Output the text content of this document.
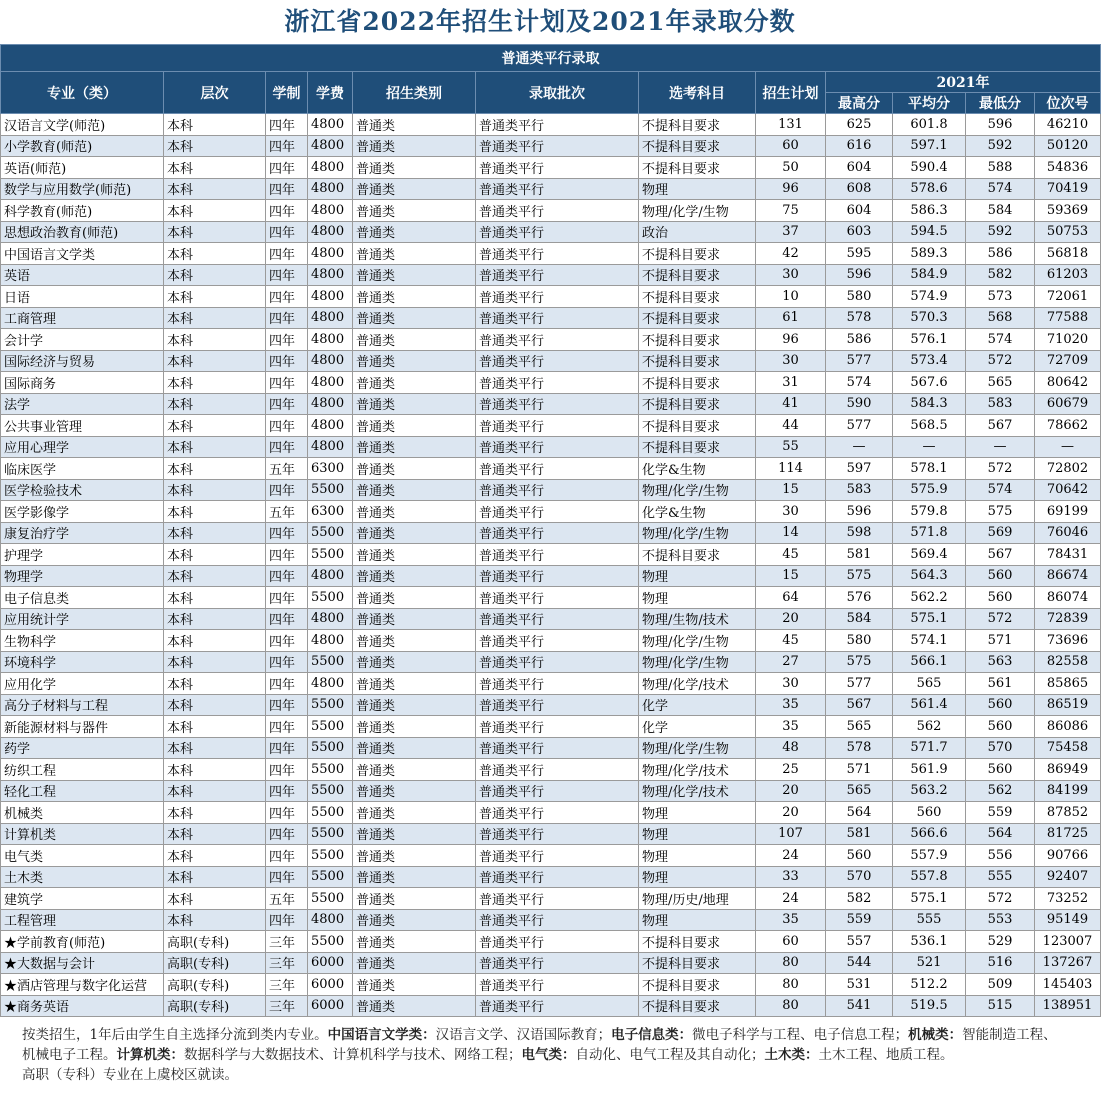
浙江省2022年招生计划及2021年录取分数
普通类平行录取											
专业（类）	层次	学制	学费	招生类别	录取批次	选考科目	招生计划	2021年			
								最高分	平均分	最低分	位次号
汉语言文学(师范)	本科	四年	4800	普通类	普通类平行	不提科目要求	131	625	601.8	596	46210
小学教育(师范)	本科	四年	4800	普通类	普通类平行	不提科目要求	60	616	597.1	592	50120
英语(师范)	本科	四年	4800	普通类	普通类平行	不提科目要求	50	604	590.4	588	54836
数学与应用数学(师范)	本科	四年	4800	普通类	普通类平行	物理	96	608	578.6	574	70419
科学教育(师范)	本科	四年	4800	普通类	普通类平行	物理/化学/生物	75	604	586.3	584	59369
思想政治教育(师范)	本科	四年	4800	普通类	普通类平行	政治	37	603	594.5	592	50753
中国语言文学类	本科	四年	4800	普通类	普通类平行	不提科目要求	42	595	589.3	586	56818
英语	本科	四年	4800	普通类	普通类平行	不提科目要求	30	596	584.9	582	61203
日语	本科	四年	4800	普通类	普通类平行	不提科目要求	10	580	574.9	573	72061
工商管理	本科	四年	4800	普通类	普通类平行	不提科目要求	61	578	570.3	568	77588
会计学	本科	四年	4800	普通类	普通类平行	不提科目要求	96	586	576.1	574	71020
国际经济与贸易	本科	四年	4800	普通类	普通类平行	不提科目要求	30	577	573.4	572	72709
国际商务	本科	四年	4800	普通类	普通类平行	不提科目要求	31	574	567.6	565	80642
法学	本科	四年	4800	普通类	普通类平行	不提科目要求	41	590	584.3	583	60679
公共事业管理	本科	四年	4800	普通类	普通类平行	不提科目要求	44	577	568.5	567	78662
应用心理学	本科	四年	4800	普通类	普通类平行	不提科目要求	55	—	—	—	—
临床医学	本科	五年	6300	普通类	普通类平行	化学&生物	114	597	578.1	572	72802
医学检验技术	本科	四年	5500	普通类	普通类平行	物理/化学/生物	15	583	575.9	574	70642
医学影像学	本科	五年	6300	普通类	普通类平行	化学&生物	30	596	579.8	575	69199
康复治疗学	本科	四年	5500	普通类	普通类平行	物理/化学/生物	14	598	571.8	569	76046
护理学	本科	四年	5500	普通类	普通类平行	不提科目要求	45	581	569.4	567	78431
物理学	本科	四年	4800	普通类	普通类平行	物理	15	575	564.3	560	86674
电子信息类	本科	四年	5500	普通类	普通类平行	物理	64	576	562.2	560	86074
应用统计学	本科	四年	4800	普通类	普通类平行	物理/生物/技术	20	584	575.1	572	72839
生物科学	本科	四年	4800	普通类	普通类平行	物理/化学/生物	45	580	574.1	571	73696
环境科学	本科	四年	5500	普通类	普通类平行	物理/化学/生物	27	575	566.1	563	82558
应用化学	本科	四年	4800	普通类	普通类平行	物理/化学/技术	30	577	565	561	85865
高分子材料与工程	本科	四年	5500	普通类	普通类平行	化学	35	567	561.4	560	86519
新能源材料与器件	本科	四年	5500	普通类	普通类平行	化学	35	565	562	560	86086
药学	本科	四年	5500	普通类	普通类平行	物理/化学/生物	48	578	571.7	570	75458
纺织工程	本科	四年	5500	普通类	普通类平行	物理/化学/技术	25	571	561.9	560	86949
轻化工程	本科	四年	5500	普通类	普通类平行	物理/化学/技术	20	565	563.2	562	84199
机械类	本科	四年	5500	普通类	普通类平行	物理	20	564	560	559	87852
计算机类	本科	四年	5500	普通类	普通类平行	物理	107	581	566.6	564	81725
电气类	本科	四年	5500	普通类	普通类平行	物理	24	560	557.9	556	90766
土木类	本科	四年	5500	普通类	普通类平行	物理	33	570	557.8	555	92407
建筑学	本科	五年	5500	普通类	普通类平行	物理/历史/地理	24	582	575.1	572	73252
工程管理	本科	四年	4800	普通类	普通类平行	物理	35	559	555	553	95149
★学前教育(师范)	高职(专科)	三年	5500	普通类	普通类平行	不提科目要求	60	557	536.1	529	123007
★大数据与会计	高职(专科)	三年	6000	普通类	普通类平行	不提科目要求	80	544	521	516	137267
★酒店管理与数字化运营	高职(专科)	三年	6000	普通类	普通类平行	不提科目要求	80	531	512.2	509	145403
★商务英语	高职(专科)	三年	6000	普通类	普通类平行	不提科目要求	80	541	519.5	515	138951
按类招生，1年后由学生自主选择分流到类内专业。中国语言文学类：汉语言文学、汉语国际教育；电子信息类：微电子科学与工程、电子信息工程；机械类：智能制造工程、机械电子工程。计算机类：数据科学与大数据技术、计算机科学与技术、网络工程；电气类：自动化、电气工程及其自动化；土木类：土木工程、地质工程。
高职（专科）专业在上虞校区就读。
